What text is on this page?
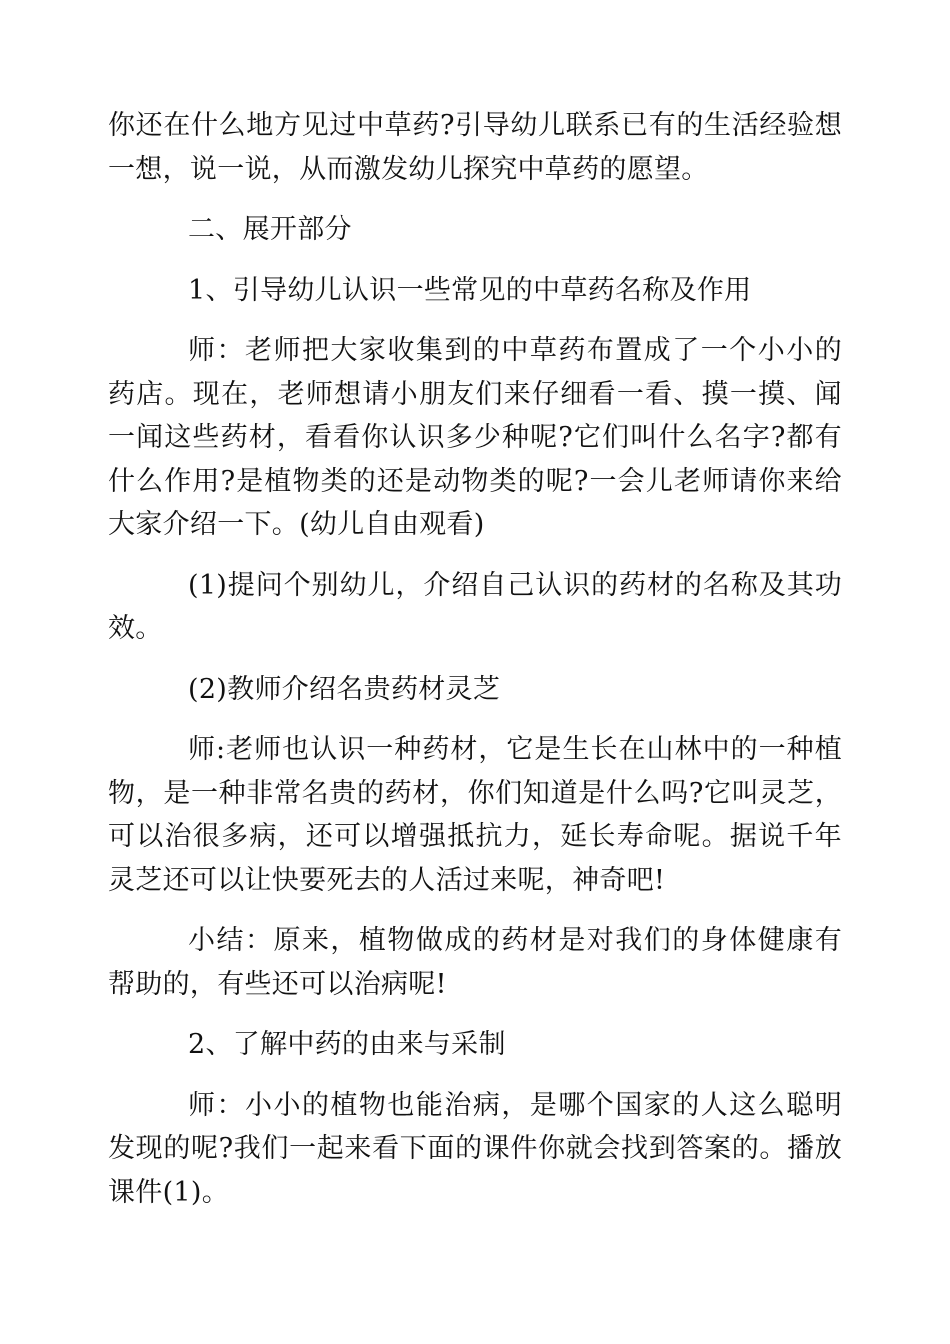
你还在什么地方见过中草药?引导幼儿联系已有的生活经验想一想，说一说，从而激发幼儿探究中草药的愿望。

二、展开部分

1、引导幼儿认识一些常见的中草药名称及作用

师：老师把大家收集到的中草药布置成了一个小小的药店。现在，老师想请小朋友们来仔细看一看、摸一摸、闻一闻这些药材，看看你认识多少种呢?它们叫什么名字?都有什么作用?是植物类的还是动物类的呢?一会儿老师请你来给大家介绍一下。(幼儿自由观看)

(1)提问个别幼儿，介绍自己认识的药材的名称及其功效。

(2)教师介绍名贵药材灵芝

师:老师也认识一种药材，它是生长在山林中的一种植物，是一种非常名贵的药材，你们知道是什么吗?它叫灵芝，可以治很多病，还可以增强抵抗力，延长寿命呢。据说千年灵芝还可以让快要死去的人活过来呢，神奇吧!

小结：原来，植物做成的药材是对我们的身体健康有帮助的，有些还可以治病呢!

2、了解中药的由来与采制

师：小小的植物也能治病，是哪个国家的人这么聪明发现的呢?我们一起来看下面的课件你就会找到答案的。播放课件(1)。
